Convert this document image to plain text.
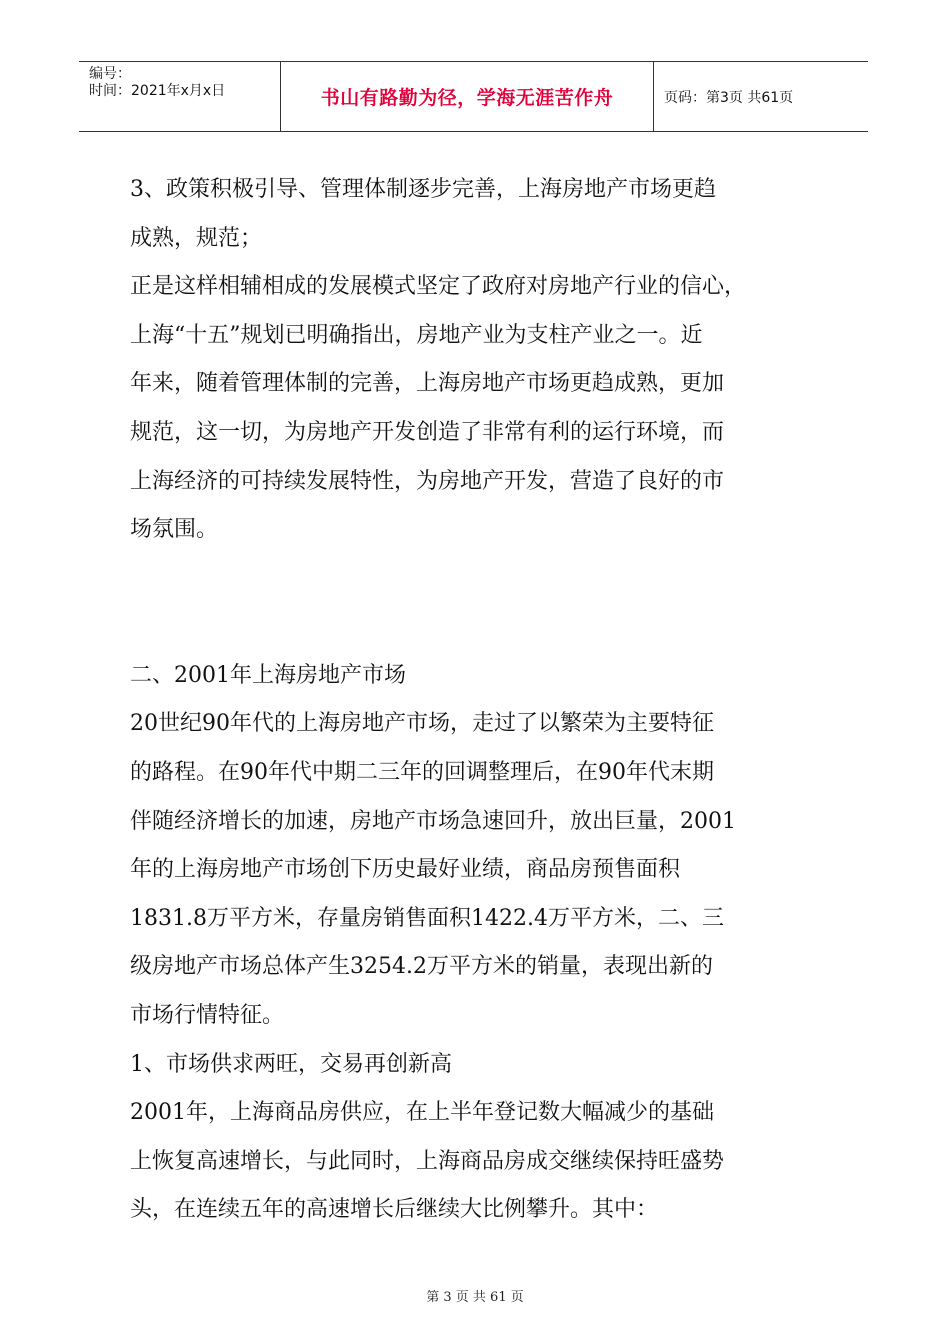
编号：
时间：2021年x月x日	书山有路勤为径，学海无涯苦作舟	页码：第3页 共61页

3、政策积极引导、管理体制逐步完善，上海房地产市场更趋

成熟，规范；

正是这样相辅相成的发展模式坚定了政府对房地产行业的信心，

上海“十五”规划已明确指出，房地产业为支柱产业之一。近

年来，随着管理体制的完善，上海房地产市场更趋成熟，更加

规范，这一切，为房地产开发创造了非常有利的运行环境，而

上海经济的可持续发展特性，为房地产开发，营造了良好的市

场氛围。

二、2001年上海房地产市场

20世纪90年代的上海房地产市场，走过了以繁荣为主要特征

的路程。在90年代中期二三年的回调整理后，在90年代末期

伴随经济增长的加速，房地产市场急速回升，放出巨量，2001

年的上海房地产市场创下历史最好业绩，商品房预售面积

1831.8万平方米，存量房销售面积1422.4万平方米，二、三

级房地产市场总体产生3254.2万平方米的销量，表现出新的

市场行情特征。

1、市场供求两旺，交易再创新高

2001年，上海商品房供应，在上半年登记数大幅减少的基础

上恢复高速增长，与此同时，上海商品房成交继续保持旺盛势

头，在连续五年的高速增长后继续大比例攀升。其中：

第 3 页 共 61 页
